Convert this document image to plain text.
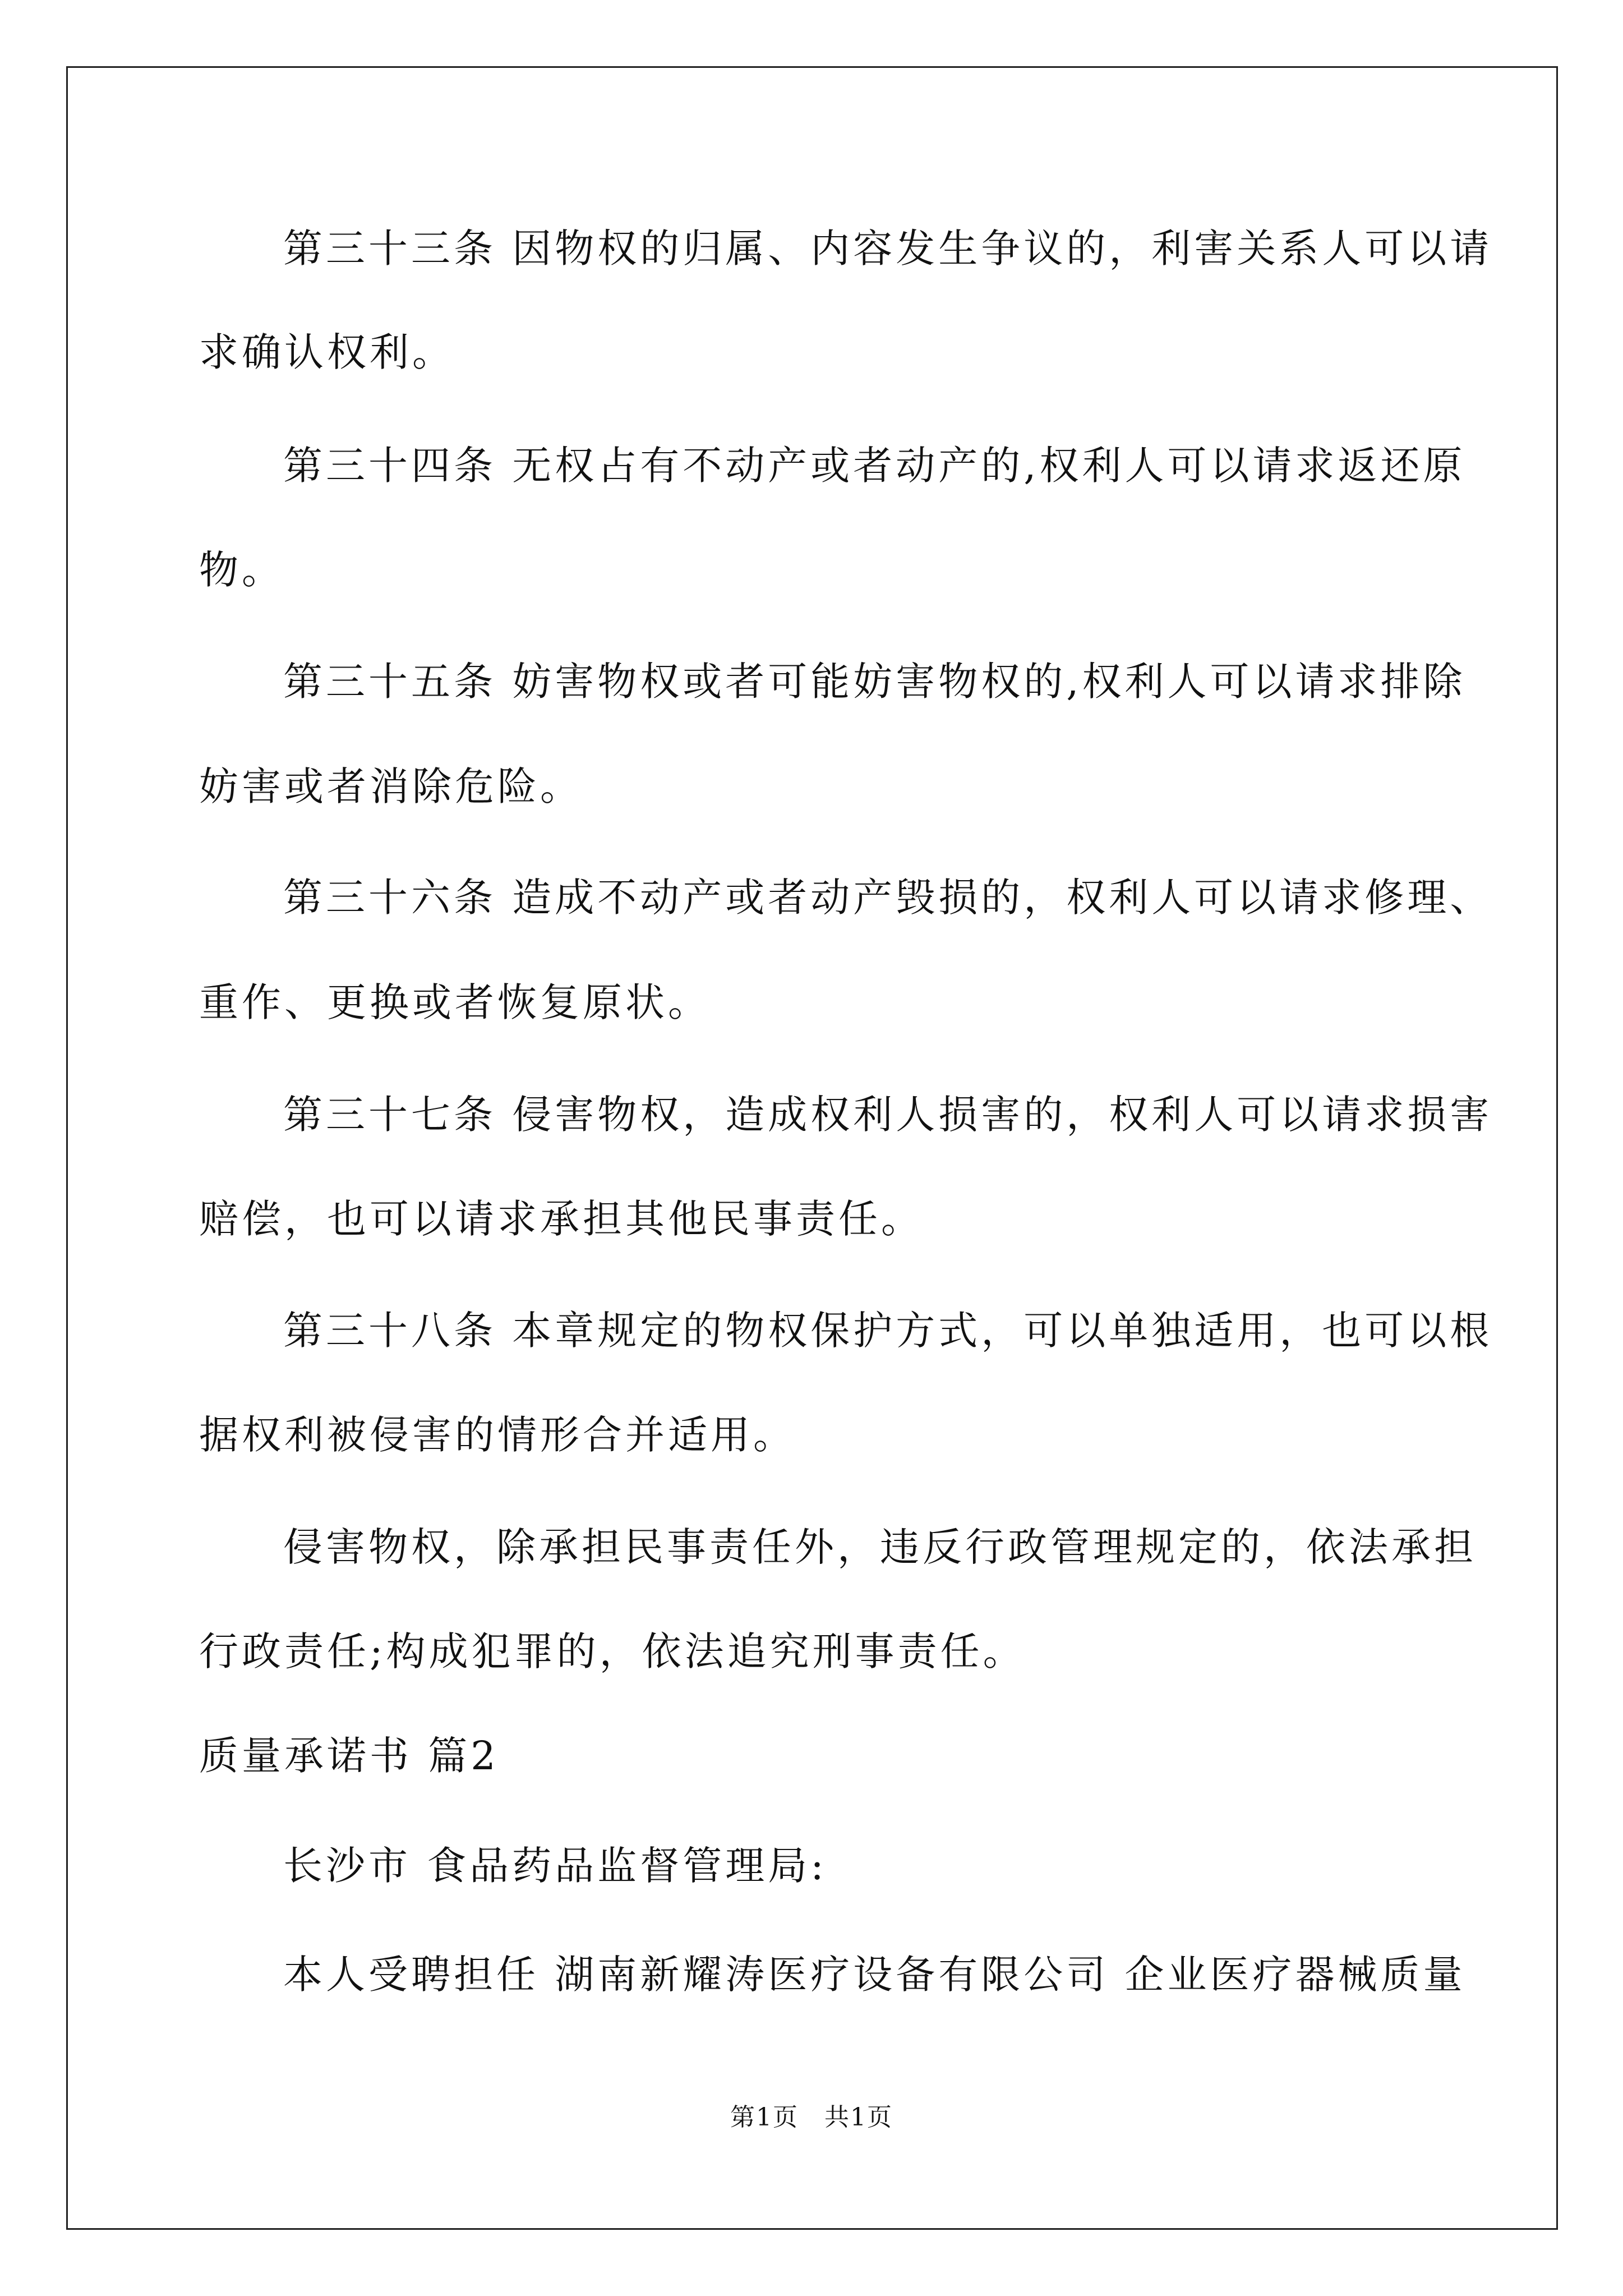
第三十三条 因物权的归属、内容发生争议的，利害关系人可以请
求确认权利。
第三十四条 无权占有不动产或者动产的,权利人可以请求返还原
物。
第三十五条 妨害物权或者可能妨害物权的,权利人可以请求排除
妨害或者消除危险。
第三十六条 造成不动产或者动产毁损的，权利人可以请求修理、
重作、更换或者恢复原状。
第三十七条 侵害物权，造成权利人损害的，权利人可以请求损害
赔偿，也可以请求承担其他民事责任。
第三十八条 本章规定的物权保护方式，可以单独适用，也可以根
据权利被侵害的情形合并适用。
侵害物权，除承担民事责任外，违反行政管理规定的，依法承担
行政责任;构成犯罪的，依法追究刑事责任。
质量承诺书 篇2
长沙市 食品药品监督管理局:
本人受聘担任 湖南新耀涛医疗设备有限公司 企业医疗器械质量
第1页　共1页
